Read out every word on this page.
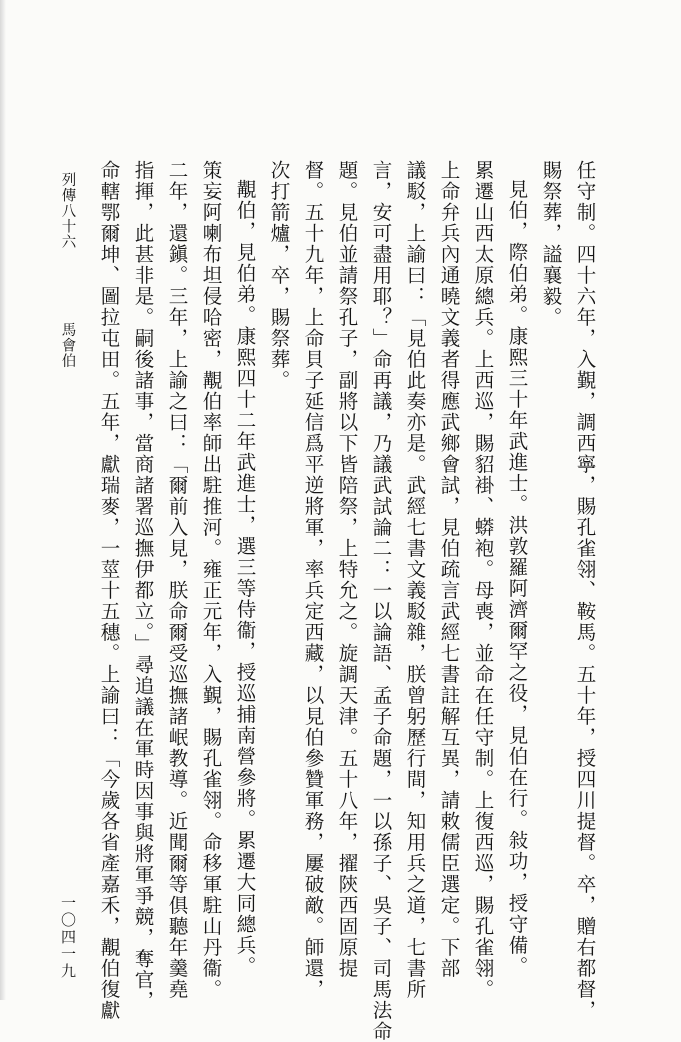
任守制。四十六年，入覲，調西寧，賜孔雀翎、鞍馬。五十年，授四川提督。卒，贈右都督，
賜祭葬，謚襄毅。
見伯，際伯弟。康熙三十年武進士。洪敦羅阿濟爾罕之役，見伯在行。敍功，授守備。
累遷山西太原總兵。上西巡，賜貂褂、蟒袍。母喪，並命在任守制。上復西巡，賜孔雀翎。
上命弁兵內通曉文義者得應武鄉會試，見伯疏言武經七書註解互異，請敕儒臣選定。下部
議駁，上諭曰：「見伯此奏亦是。武經七書文義駁雜，朕曾躬歷行間，知用兵之道，七書所
言，安可盡用耶？」命再議，乃議武試論二：一以論語、孟子命題，一以孫子、吳子、司馬法命
題。見伯並請祭孔子，副將以下皆陪祭，上特允之。旋調天津。五十八年，擢陝西固原提
督。五十九年，上命貝子延信爲平逆將軍，率兵定西藏，以見伯參贊軍務，屢破敵。師還，
次打箭爐，卒，賜祭葬。
覯伯，見伯弟。康熙四十二年武進士，選三等侍衞，授巡捕南營參將。累遷大同總兵。
策妄阿喇布坦侵哈密，覯伯率師出駐推河。雍正元年，入覲，賜孔雀翎。命移軍駐山丹衞。
二年，還鎭。三年，上諭之曰：「爾前入見，朕命爾受巡撫諸岷教導。近聞爾等俱聽年羹堯
指揮，此甚非是。嗣後諸事，當商諸署巡撫伊都立。」尋追議在軍時因事與將軍爭競，奪官，
命轄鄂爾坤、圖拉屯田。五年，獻瑞麥，一莖十五穗。上諭曰：「今歲各省產嘉禾，覯伯復獻
列傳八十六
馬會伯
一〇四一九
